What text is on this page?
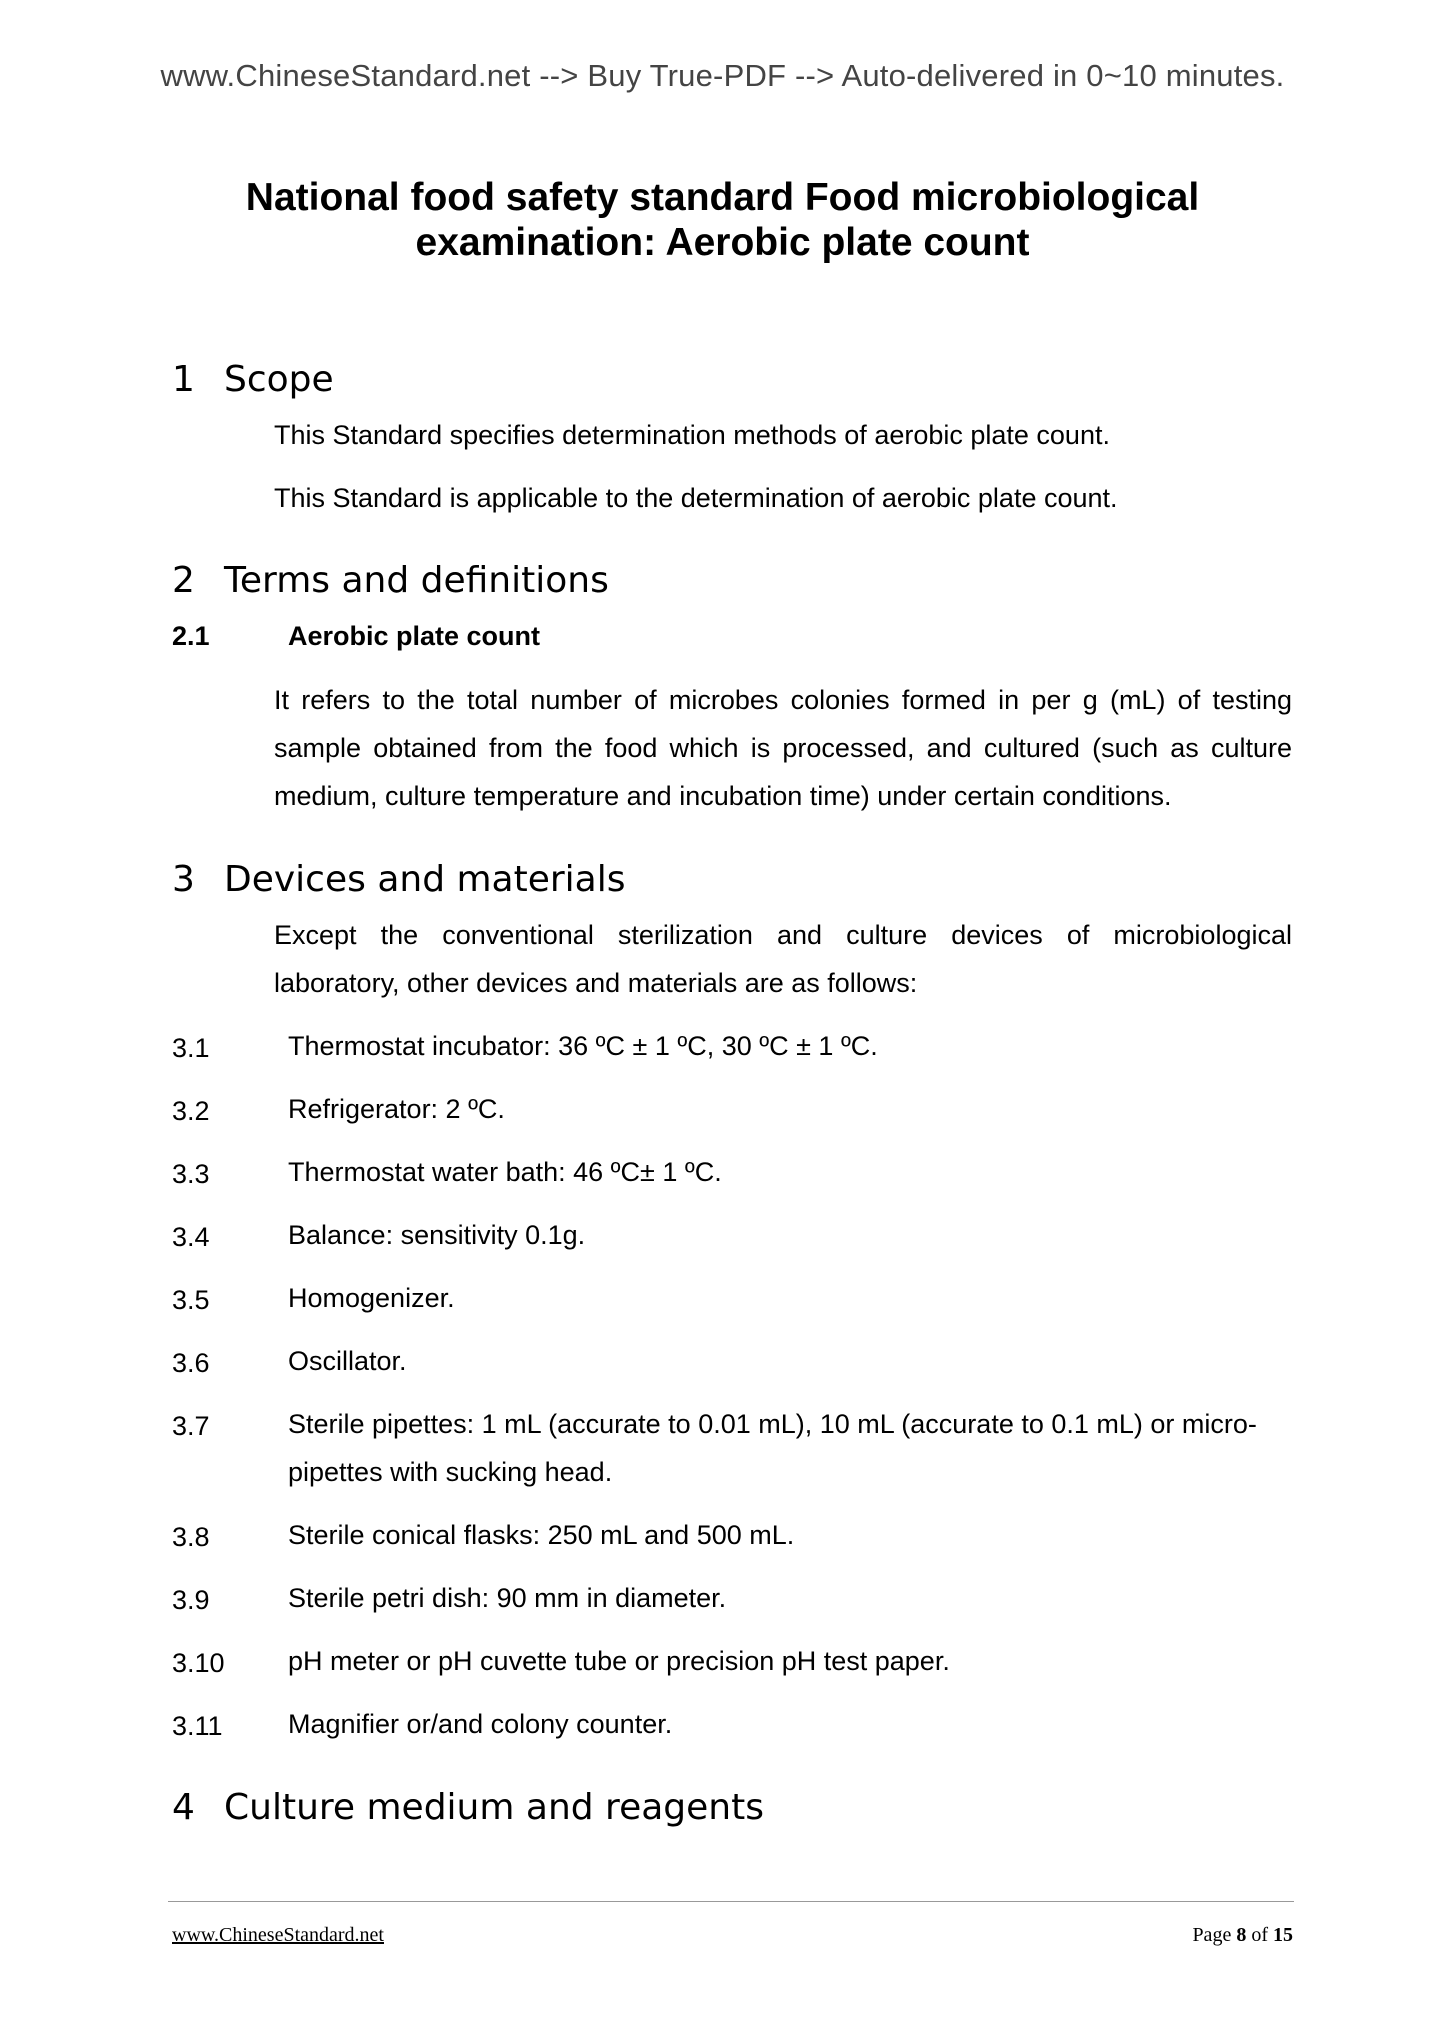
www.ChineseStandard.net --> Buy True-PDF --> Auto-delivered in 0~10 minutes.
National food safety standard Food microbiological
examination: Aerobic plate count
1 Scope
This Standard specifies determination methods of aerobic plate count.
This Standard is applicable to the determination of aerobic plate count.
2 Terms and definitions
2.1	Aerobic plate count
It refers to the total number of microbes colonies formed in per g (mL) of testing sample obtained from the food which is processed, and cultured (such as culture medium, culture temperature and incubation time) under certain conditions.
3 Devices and materials
Except the conventional sterilization and culture devices of microbiological laboratory, other devices and materials are as follows:
3.1	Thermostat incubator: 36 ºC ± 1 ºC, 30 ºC ± 1 ºC.
3.2	Refrigerator: 2 ºC.
3.3	Thermostat water bath: 46 ºC± 1 ºC.
3.4	Balance: sensitivity 0.1g.
3.5	Homogenizer.
3.6	Oscillator.
3.7	Sterile pipettes: 1 mL (accurate to 0.01 mL), 10 mL (accurate to 0.1 mL) or micro-pipettes with sucking head.
3.8	Sterile conical flasks: 250 mL and 500 mL.
3.9	Sterile petri dish: 90 mm in diameter.
3.10 pH meter or pH cuvette tube or precision pH test paper.
3.11 Magnifier or/and colony counter.
4 Culture medium and reagents
www.ChineseStandard.net	Page 8 of 15
